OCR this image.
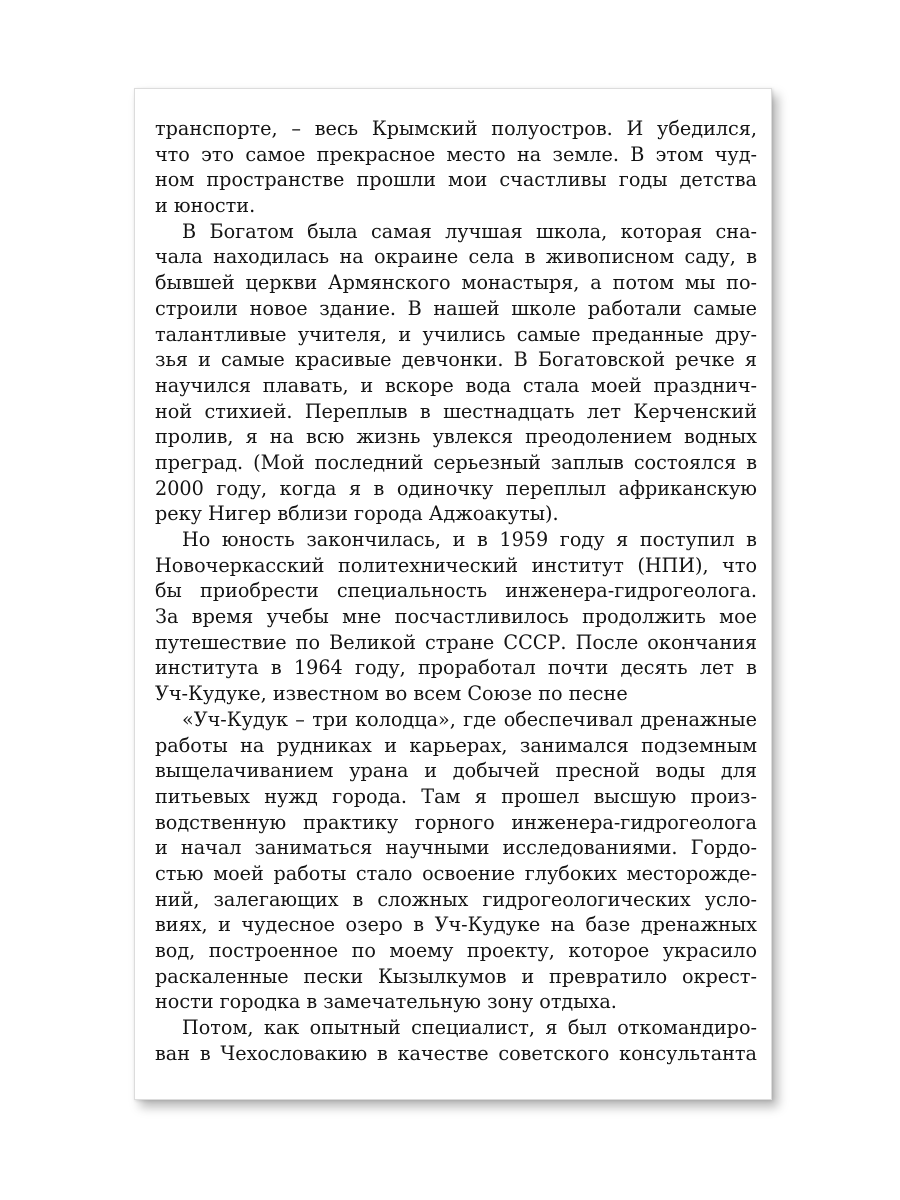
транспорте, – весь Крымский полуостров. И убедился,
что это самое прекрасное место на земле. В этом чуд-
ном пространстве прошли мои счастливы годы детства
и юности.
В Богатом была самая лучшая школа, которая сна-
чала находилась на окраине села в живописном саду, в
бывшей церкви Армянского монастыря, а потом мы по-
строили новое здание. В нашей школе работали самые
талантливые учителя, и учились самые преданные дру-
зья и самые красивые девчонки. В Богатовской речке я
научился плавать, и вскоре вода стала моей празднич-
ной стихией. Переплыв в шестнадцать лет Керченский
пролив, я на всю жизнь увлекся преодолением водных
преград. (Мой последний серьезный заплыв состоялся в
2000 году, когда я в одиночку переплыл африканскую
реку Нигер вблизи города Аджоакуты).
Но юность закончилась, и в 1959 году я поступил в
Новочеркасский политехнический институт (НПИ), что
бы приобрести специальность инженера-гидрогеолога.
За время учебы мне посчастливилось продолжить мое
путешествие по Великой стране СССР. После окончания
института в 1964 году, проработал почти десять лет в
Уч-Кудуке, известном во всем Союзе по песне
«Уч-Кудук – три колодца», где обеспечивал дренажные
работы на рудниках и карьерах, занимался подземным
выщелачиванием урана и добычей пресной воды для
питьевых нужд города. Там я прошел высшую произ-
водственную практику горного инженера-гидрогеолога
и начал заниматься научными исследованиями. Гордо-
стью моей работы стало освоение глубоких месторожде-
ний, залегающих в сложных гидрогеологических усло-
виях, и чудесное озеро в Уч-Кудуке на базе дренажных
вод, построенное по моему проекту, которое украсило
раскаленные пески Кызылкумов и превратило окрест-
ности городка в замечательную зону отдыха.
Потом, как опытный специалист, я был откомандиро-
ван в Чехословакию в качестве советского консультанта
